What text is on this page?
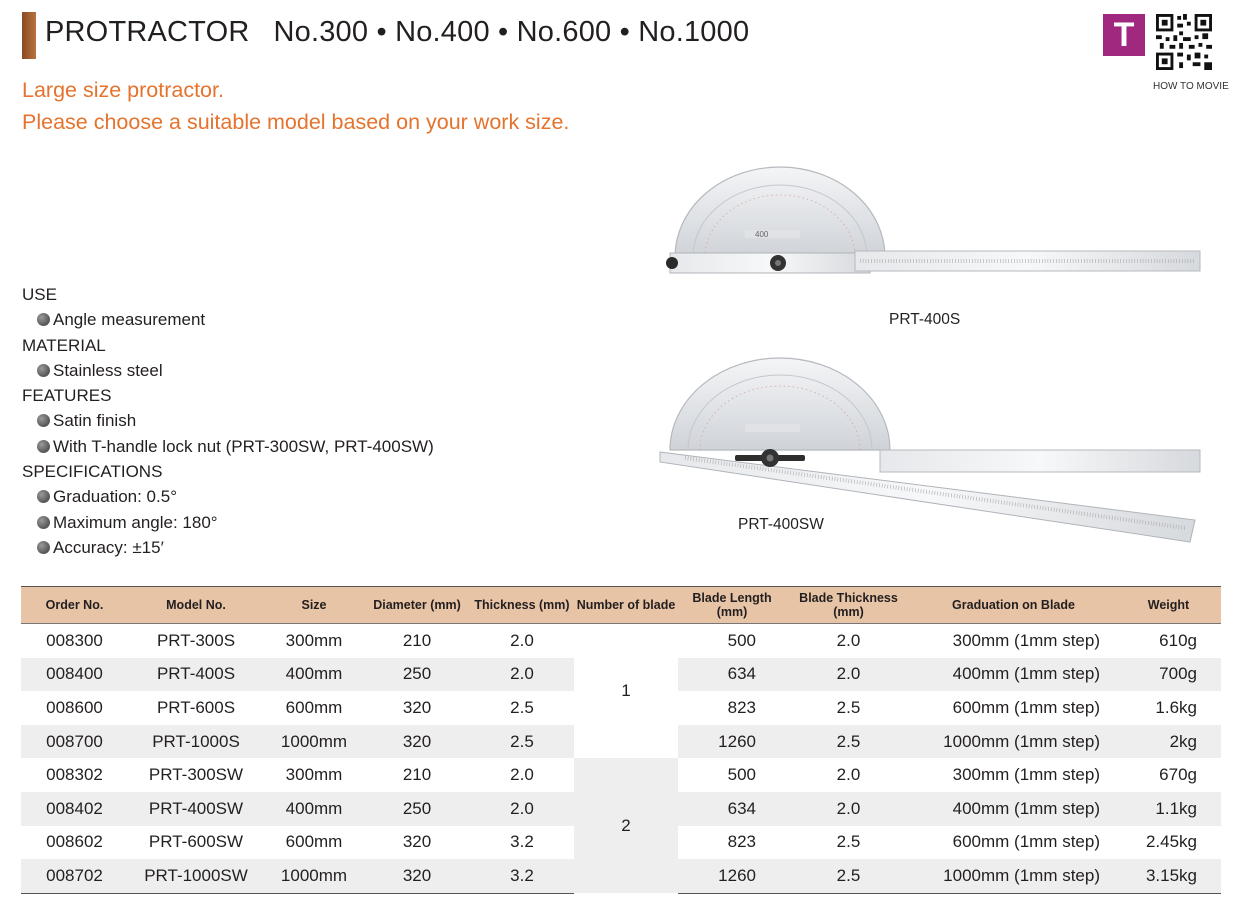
PROTRACTOR No.300 • No.400 • No.600 • No.1000	T
HOW TO MOVIE
Large size protractor.
Please choose a suitable model based on your work size.
USE
Angle measurement
MATERIAL
Stainless steel
FEATURES
Satin finish
With T-handle lock nut (PRT-300SW, PRT-400SW)
SPECIFICATIONS
Graduation: 0.5°
Maximum angle: 180°
Accuracy: ±15′
400
PRT-400S
PRT-400SW
Order No.	Model No.	Size	Diameter (mm)	Thickness (mm)	Number of blade	Blade Length (mm)	Blade Thickness (mm)	Graduation on Blade	Weight
008300	PRT-300S	300mm	210	2.0	1	500	2.0	300mm (1mm step)	610g
008400	PRT-400S	400mm	250	2.0		634	2.0	400mm (1mm step)	700g
008600	PRT-600S	600mm	320	2.5		823	2.5	600mm (1mm step)	1.6kg
008700	PRT-1000S	1000mm	320	2.5		1260	2.5	1000mm (1mm step)	2kg
008302	PRT-300SW	300mm	210	2.0	2	500	2.0	300mm (1mm step)	670g
008402	PRT-400SW	400mm	250	2.0		634	2.0	400mm (1mm step)	1.1kg
008602	PRT-600SW	600mm	320	3.2		823	2.5	600mm (1mm step)	2.45kg
008702	PRT-1000SW	1000mm	320	3.2		1260	2.5	1000mm (1mm step)	3.15kg
